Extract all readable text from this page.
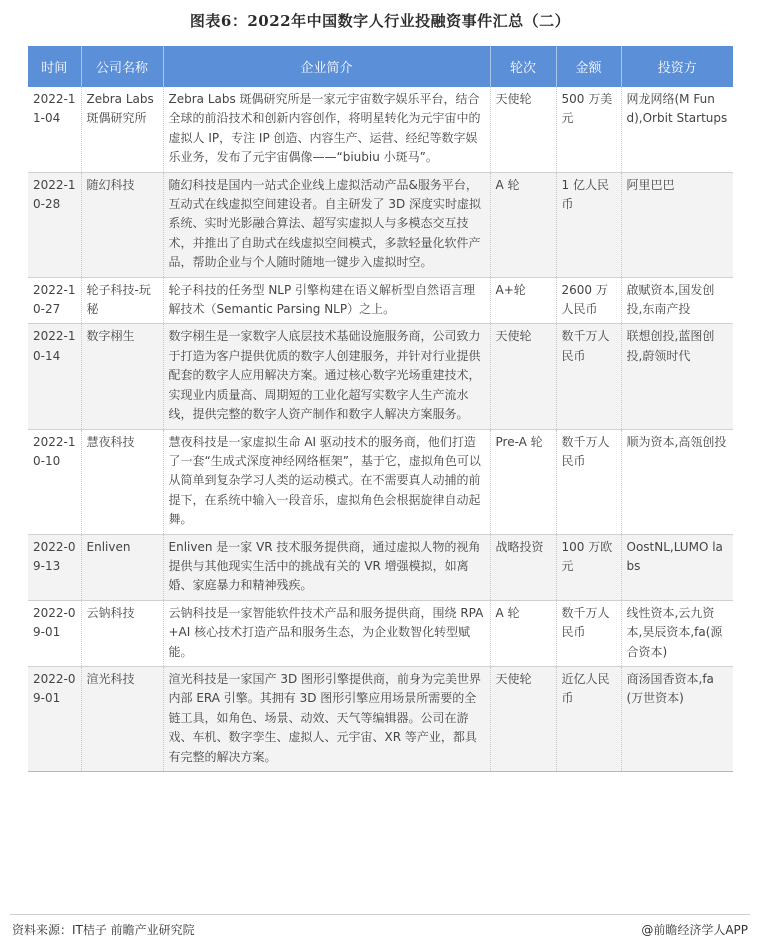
图表6：2022年中国数字人行业投融资事件汇总（二）
时间	公司名称	企业简介	轮次	金额	投资方
2022-11-04	Zebra Labs 斑偶研究所	Zebra Labs 斑偶研究所是一家元宇宙数字娱乐平台，结合全球的前沿技术和创新内容创作，将明星转化为元宇宙中的虚拟人 IP，专注 IP 创造、内容生产、运营、经纪等数字娱乐业务，发布了元宇宙偶像——“biubiu 小斑马”。	天使轮	500 万美元	网龙网络(M Fund),Orbit Startups
2022-10-28	随幻科技	随幻科技是国内一站式企业线上虚拟活动产品&服务平台，互动式在线虚拟空间建设者。自主研发了 3D 深度实时虚拟系统、实时光影融合算法、超写实虚拟人与多模态交互技术，并推出了自助式在线虚拟空间模式，多款轻量化软件产品，帮助企业与个人随时随地一键步入虚拟时空。	A 轮	1 亿人民币	阿里巴巴
2022-10-27	轮子科技-玩秘	轮子科技的任务型 NLP 引擎构建在语义解析型自然语言理解技术（Semantic Parsing NLP）之上。	A+轮	2600 万人民币	啟赋资本,国发创投,东南产投
2022-10-14	数字栩生	数字栩生是一家数字人底层技术基础设施服务商，公司致力于打造为客户提供优质的数字人创建服务，并针对行业提供配套的数字人应用解决方案。通过核心数字光场重建技术，实现业内质量高、周期短的工业化超写实数字人生产流水线，提供完整的数字人资产制作和数字人解决方案服务。	天使轮	数千万人民币	联想创投,蓝图创投,蔚领时代
2022-10-10	慧夜科技	慧夜科技是一家虚拟生命 AI 驱动技术的服务商，他们打造了一套“生成式深度神经网络框架”，基于它，虚拟角色可以从简单到复杂学习人类的运动模式。在不需要真人动捕的前提下，在系统中输入一段音乐，虚拟角色会根据旋律自动起舞。	Pre-A 轮	数千万人民币	顺为资本,高瓴创投
2022-09-13	Enliven	Enliven 是一家 VR 技术服务提供商，通过虚拟人物的视角提供与其他现实生活中的挑战有关的 VR 增强模拟，如离婚、家庭暴力和精神残疾。	战略投资	100 万欧元	OostNL,LUMO labs
2022-09-01	云钠科技	云钠科技是一家智能软件技术产品和服务提供商，围绕 RPA+AI 核心技术打造产品和服务生态，为企业数智化转型赋能。	A 轮	数千万人民币	线性资本,云九资本,昊辰资本,fa(源合资本)
2022-09-01	渲光科技	渲光科技是一家国产 3D 图形引擎提供商，前身为完美世界内部 ERA 引擎。其拥有 3D 图形引擎应用场景所需要的全链工具，如角色、场景、动效、天气等编辑器。公司在游戏、车机、数字孪生、虚拟人、元宇宙、XR 等产业，都具有完整的解决方案。	天使轮	近亿人民币	商汤国香资本,fa(万世资本)
资料来源：IT桔子 前瞻产业研究院	@前瞻经济学人APP
